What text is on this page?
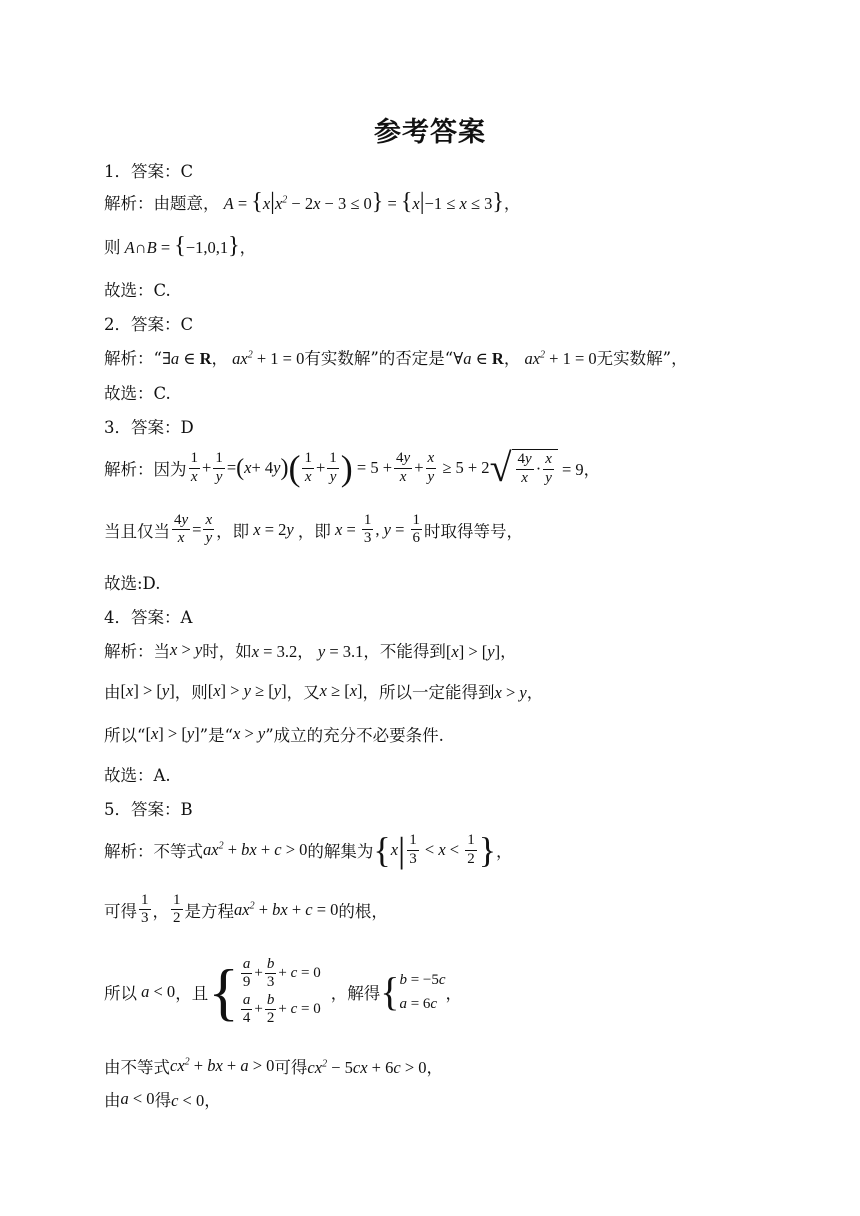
参考答案
1．答案：C
解析：由题意， $A = \{x|x^2 - 2x - 3 \le 0\} = \{x|-1 \le x \le 3\}$，
则 A∩B = {−1,0,1}，
故选：C.
2．答案：C
解析：“ ∃a ∈ R， $ax^2 + 1 = 0$ 有实数解”的否定是“ ∀a ∈ R， $ax^2 + 1 = 0$ 无实数解”，
故选：C.
3．答案：D
解析：因为 $\frac{1}{x} + \frac{1}{y}$ = ( x + 4 y ) ( $\frac{1}{x} + \frac{1}{y}$ ) = $5 + \frac{4y}{x} + \frac{x}{y} \ge 5 + 2$ √ $\frac{4y}{x} \cdot \frac{x}{y} = 9$，
当且仅当 $\frac{4y}{x} = \frac{x}{y}$ ，即 x = 2y ，即 $x = \frac{1}{3}$ , $y = \frac{1}{6}$ 时取得等号，
故选:D.
4．答案：A
解析：当 x > y 时，如 x = 3.2， y = 3.1 ，不能得到 [x] > [y]，
由 [x] > [y] ，则 [x] > y ≥ [y] ，又 x ≥ [x] ，所以一定能得到 x > y，
所以“ [x] > [y] ”是“ x > y ”成立的充分不必要条件.
故选：A.
5．答案：B
解析：不等式 $ax^2$ + bx + c > 0 的解集为 { x | $\frac{1}{3} < x < \frac{1}{2}$ } ，
可得 $\frac{1}{3}$ ， $\frac{1}{2}$ 是方程 $ax^2$ + bx + c = 0 的根，
所以 a < 0 ，且 { $\frac{a}{9} + \frac{b}{3} + c = 0$
$\frac{a}{4} + \frac{b}{2} + c = 0$
，解得 { b = −5 c
a = 6 c
，
由不等式 $cx^2$ + bx + a > 0 可得 $cx^2 - 5cx + 6c > 0$，
由 a < 0 得 c < 0，
